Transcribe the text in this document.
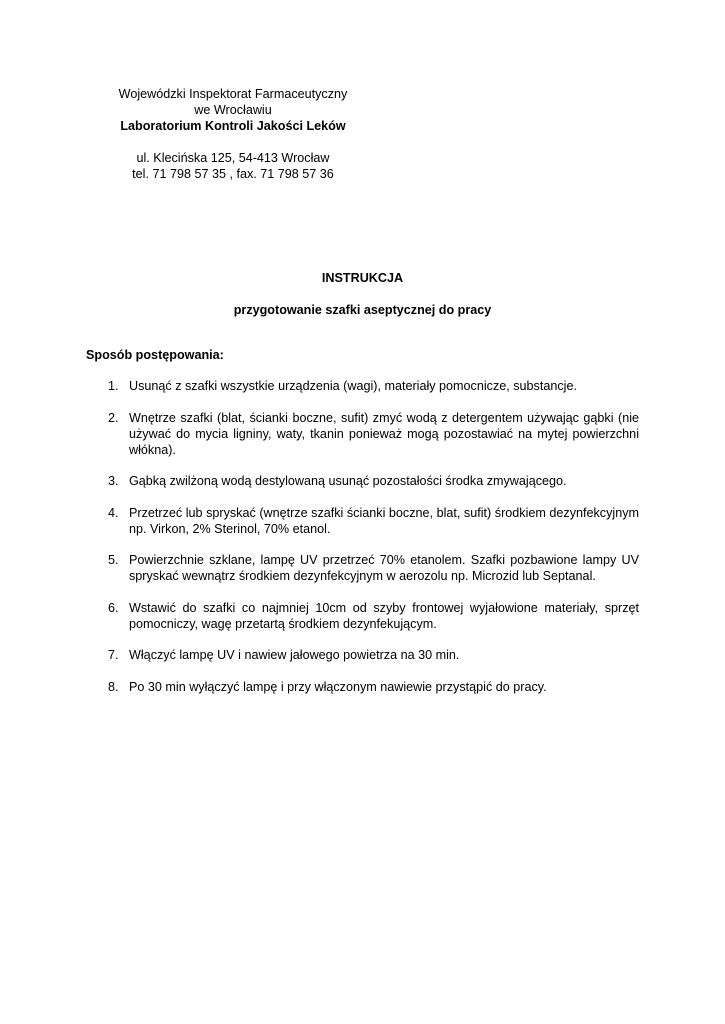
Wojewódzki Inspektorat Farmaceutyczny
we Wrocławiu
Laboratorium Kontroli Jakości Leków
ul. Klecińska 125, 54-413 Wrocław
tel. 71 798 57 35 , fax. 71 798 57 36
INSTRUKCJA
przygotowanie szafki aseptycznej do pracy
Sposób postępowania:
1. Usunąć z szafki wszystkie urządzenia (wagi), materiały pomocnicze, substancje.
2. Wnętrze szafki (blat, ścianki boczne, sufit) zmyć wodą z detergentem używając gąbki (nie używać do mycia ligniny, waty, tkanin ponieważ mogą pozostawiać na mytej powierzchni włókna).
3. Gąbką zwilżoną wodą destylowaną usunąć pozostałości środka zmywającego.
4. Przetrzeć lub spryskać (wnętrze szafki ścianki boczne, blat, sufit) środkiem dezynfekcyjnym np. Virkon, 2% Sterinol, 70% etanol.
5. Powierzchnie szklane, lampę UV przetrzeć 70% etanolem. Szafki pozbawione lampy UV spryskać wewnątrz środkiem dezynfekcyjnym w aerozolu np. Microzid lub Septanal.
6. Wstawić do szafki co najmniej 10cm od szyby frontowej wyjałowione materiały, sprzęt pomocniczy, wagę przetartą środkiem dezynfekującym.
7. Włączyć lampę UV i nawiew jałowego powietrza na 30 min.
8. Po 30 min wyłączyć lampę i przy włączonym nawiewie przystąpić do pracy.
